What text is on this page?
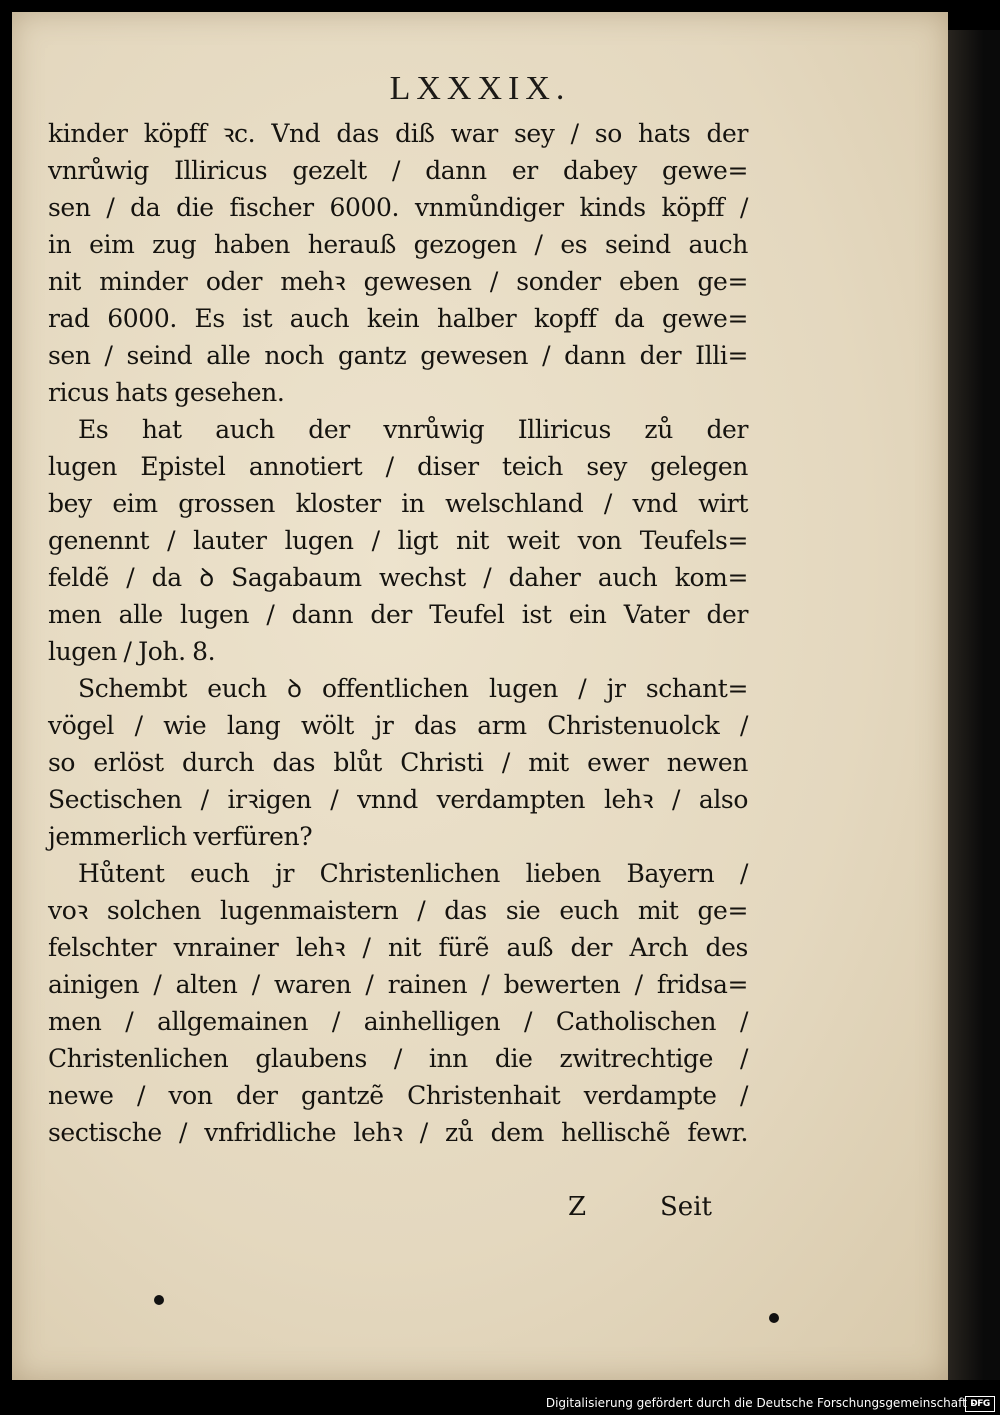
LXXXIX.
kinder köpff ꝛc. Vnd das diß war sey / so hats der
vnrůwig Illiricus gezelt / dann er dabey gewe=
sen / da die fischer 6000. vnmůndiger kinds köpff /
in eim zug haben herauß gezogen / es seind auch
nit minder oder mehꝛ gewesen / sonder eben ge=
rad 6000. Es ist auch kein halber kopff da gewe=
sen / seind alle noch gantz gewesen / dann der Illi=
ricus hats gesehen.
Es hat auch der vnrůwig Illiricus zů der
lugen Epistel annotiert / diser teich sey gelegen
bey eim grossen kloster in welschland / vnd wirt
genennt / lauter lugen / ligt nit weit von Teufels=
feldẽ / da ꝺ Sagabaum wechst / daher auch kom=
men alle lugen / dann der Teufel ist ein Vater der
lugen / Joh. 8.
Schembt euch ꝺ offentlichen lugen / jr schant=
vögel / wie lang wölt jr das arm Christenuolck /
so erlöst durch das blůt Christi / mit ewer newen
Sectischen / irꝛigen / vnnd verdampten lehꝛ / also
jemmerlich verfüren?
Hůtent euch jr Christenlichen lieben Bayern /
voꝛ solchen lugenmaistern / das sie euch mit ge=
felschter vnrainer lehꝛ / nit fürẽ auß der Arch des
ainigen / alten / waren / rainen / bewerten / fridsa=
men / allgemainen / ainhelligen / Catholischen /
Christenlichen glaubens / inn die zwitrechtige /
newe / von der gantzẽ Christenhait verdampte /
sectische / vnfridliche lehꝛ / zů dem hellischẽ fewr.
Z	Seit
Digitalisierung gefördert durch die Deutsche Forschungsgemeinschaft -
DFG
